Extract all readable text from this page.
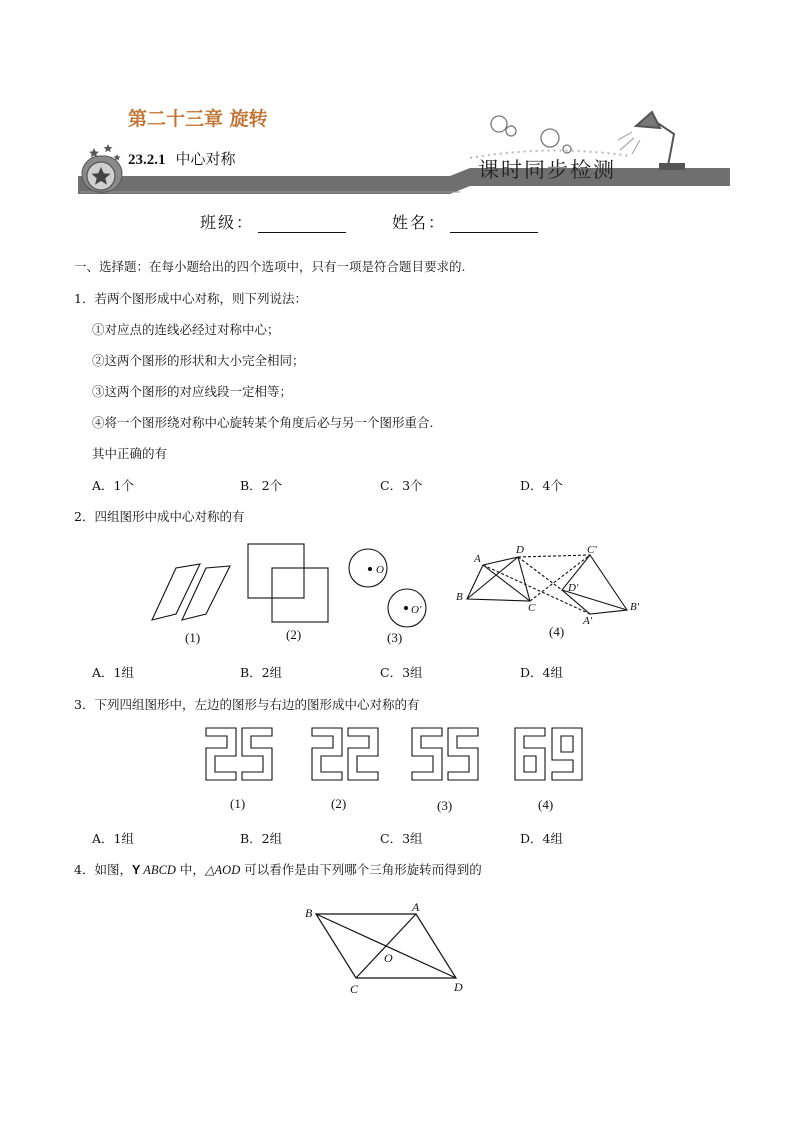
第二十三章 旋转
23.2.1 中心对称	课时同步检测
班级：	姓名：
一、选择题：在每小题给出的四个选项中，只有一项是符合题目要求的.
1．若两个图形成中心对称，则下列说法：
①对应点的连线必经过对称中心；
②这两个图形的形状和大小完全相同；
③这两个图形的对应线段一定相等；
④将一个图形绕对称中心旋转某个角度后必与另一个图形重合.
其中正确的有
A．1个	B．2个	C．3个	D．4个
2．四组图形中成中心对称的有
O
O′
A
D
B
C
C′
D′
B′
A′
(1)	(2)	(3)	(4)
A．1组	B．2组	C．3组	D．4组
3．下列四组图形中，左边的图形与右边的图形成中心对称的有
(1)	(2)	(3)	(4)
A．1组	B．2组	C．3组	D．4组
4．如图，Y ABCD 中，△AOD 可以看作是由下列哪个三角形旋转而得到的
B	A
O
C	D
